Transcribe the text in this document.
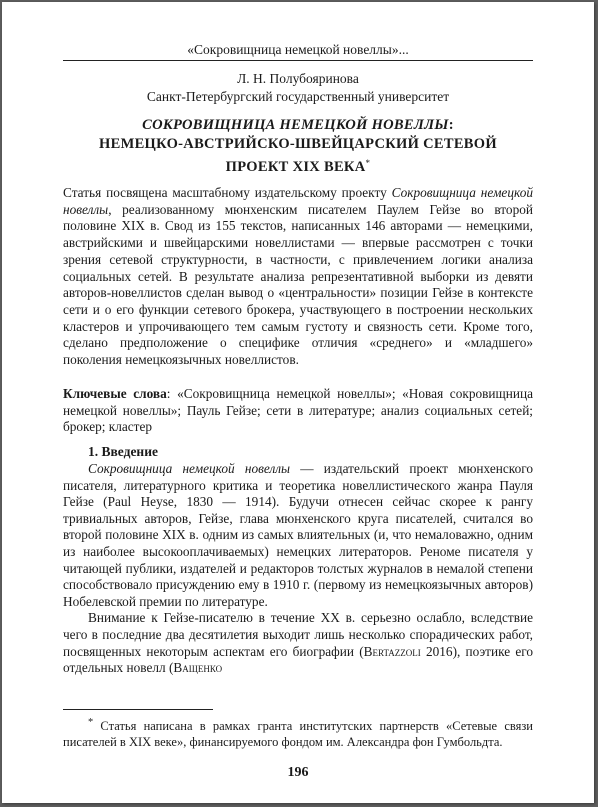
«Сокровищница немецкой новеллы»...
Л. Н. Полубояринова
Санкт-Петербургский государственный университет
СОКРОВИЩНИЦА НЕМЕЦКОЙ НОВЕЛЛЫ:
НЕМЕЦКО-АВСТРИЙСКО-ШВЕЙЦАРСКИЙ СЕТЕВОЙ
ПРОЕКТ XIX ВЕКА*
Статья посвящена масштабному издательскому проекту Сокровищница немецкой новеллы, реализованному мюнхенским писателем Паулем Гейзе во второй половине XIX в. Свод из 155 текстов, написанных 146 авторами — немецкими, австрийскими и швейцарскими новеллистами — впервые рассмотрен с точки зрения сетевой структурности, в частности, с привлечением логики анализа социальных сетей. В результате анализа репрезентативной выборки из девяти авторов-новеллистов сделан вывод о «центральности» позиции Гейзе в контексте сети и о его функции сетевого брокера, участвующего в построении нескольких кластеров и упрочивающего тем самым густоту и связность сети. Кроме того, сделано предположение о специфике отличия «среднего» и «младшего» поколения немецкоязычных новеллистов.
Ключевые слова: «Сокровищница немецкой новеллы»; «Новая сокровищница немецкой новеллы»; Пауль Гейзе; сети в литературе; анализ социальных сетей; брокер; кластер
1. Введение

Сокровищница немецкой новеллы — издательский проект мюнхенского писателя, литературного критика и теоретика новеллистического жанра Пауля Гейзе (Paul Heyse, 1830 — 1914). Будучи отнесен сейчас скорее к рангу тривиальных авторов, Гейзе, глава мюнхенского круга писателей, считался во второй половине XIX в. одним из самых влиятельных (и, что немаловажно, одним из наиболее высокооплачиваемых) немецких литераторов. Реноме писателя у читающей публики, издателей и редакторов толстых журналов в немалой степени способствовало присуждению ему в 1910 г. (первому из немецкоязычных авторов) Нобелевской премии по литературе.

Внимание к Гейзе-писателю в течение XX в. серьезно ослабло, вследствие чего в последние два десятилетия выходит лишь несколько спорадических работ, посвященных некоторым аспектам его биографии (Bertazzoli 2016), поэтике его отдельных новелл (Ващенко

* Статья написана в рамках гранта институтских партнерств «Сетевые связи писателей в XIX веке», финансируемого фондом им. Александра фон Гумбольдта.

196
